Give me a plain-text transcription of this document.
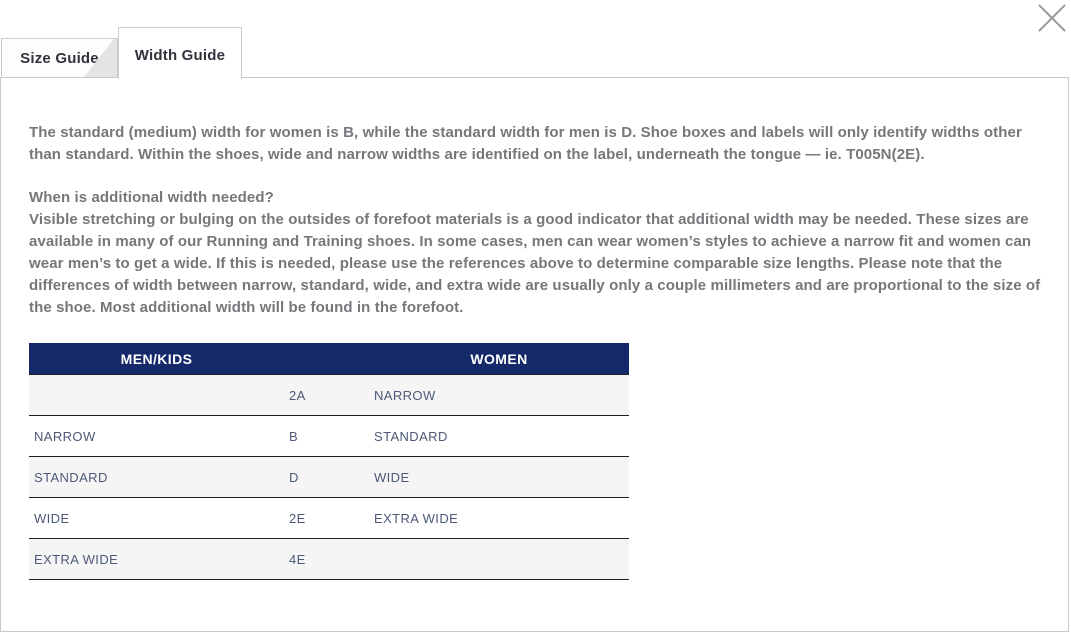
Size Guide	Width Guide

The standard (medium) width for women is B, while the standard width for men is D. Shoe boxes and labels will only identify widths other than standard. Within the shoes, wide and narrow widths are identified on the label, underneath the tongue — ie. T005N(2E).

When is additional width needed?
Visible stretching or bulging on the outsides of forefoot materials is a good indicator that additional width may be needed. These sizes are available in many of our Running and Training shoes. In some cases, men can wear women’s styles to achieve a narrow fit and women can wear men’s to get a wide. If this is needed, please use the references above to determine comparable size lengths. Please note that the differences of width between narrow, standard, wide, and extra wide are usually only a couple millimeters and are proportional to the size of the shoe. Most additional width will be found in the forefoot.

MEN/KIDS		WOMEN
	2A	NARROW
NARROW	B	STANDARD
STANDARD	D	WIDE
WIDE	2E	EXTRA WIDE
EXTRA WIDE	4E	
